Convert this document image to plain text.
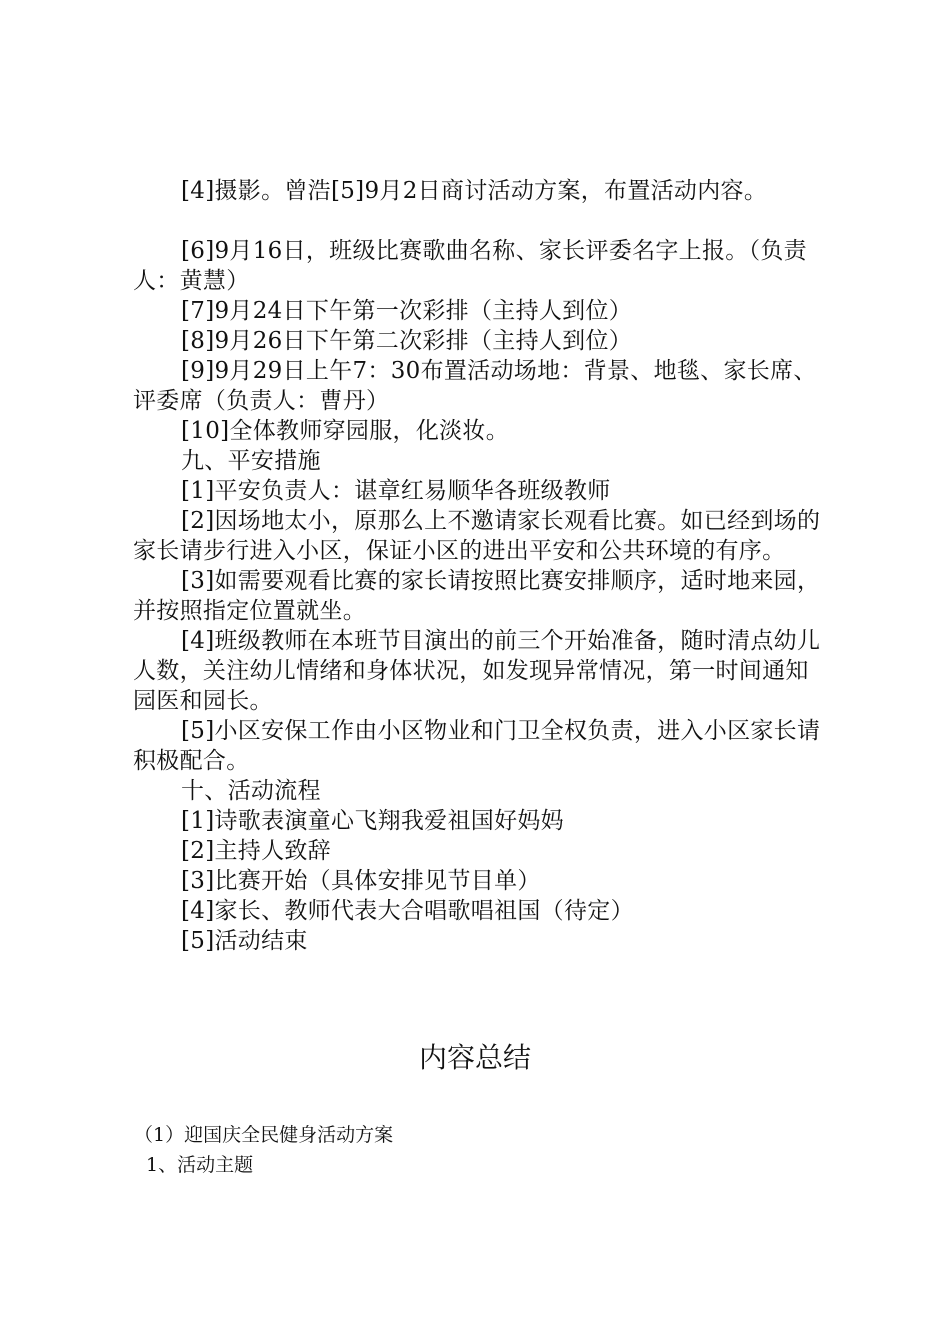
[4]摄影。曾浩[5]9月2日商讨活动方案，布置活动内容。

[6]9月16日，班级比赛歌曲名称、家长评委名字上报。（负责人：黄慧）

[7]9月24日下午第一次彩排（主持人到位）

[8]9月26日下午第二次彩排（主持人到位）

[9]9月29日上午7：30布置活动场地：背景、地毯、家长席、评委席（负责人：曹丹）

[10]全体教师穿园服，化淡妆。

九、平安措施

[1]平安负责人：谌章红易顺华各班级教师

[2]因场地太小，原那么上不邀请家长观看比赛。如已经到场的家长请步行进入小区，保证小区的进出平安和公共环境的有序。

[3]如需要观看比赛的家长请按照比赛安排顺序，适时地来园，并按照指定位置就坐。

[4]班级教师在本班节目演出的前三个开始准备，随时清点幼儿人数，关注幼儿情绪和身体状况，如发现异常情况，第一时间通知园医和园长。

[5]小区安保工作由小区物业和门卫全权负责，进入小区家长请积极配合。

十、活动流程

[1]诗歌表演童心飞翔我爱祖国好妈妈

[2]主持人致辞

[3]比赛开始（具体安排见节目单）

[4]家长、教师代表大合唱歌唱祖国（待定）

[5]活动结束

内容总结

（1）迎国庆全民健身活动方案

1、活动主题
